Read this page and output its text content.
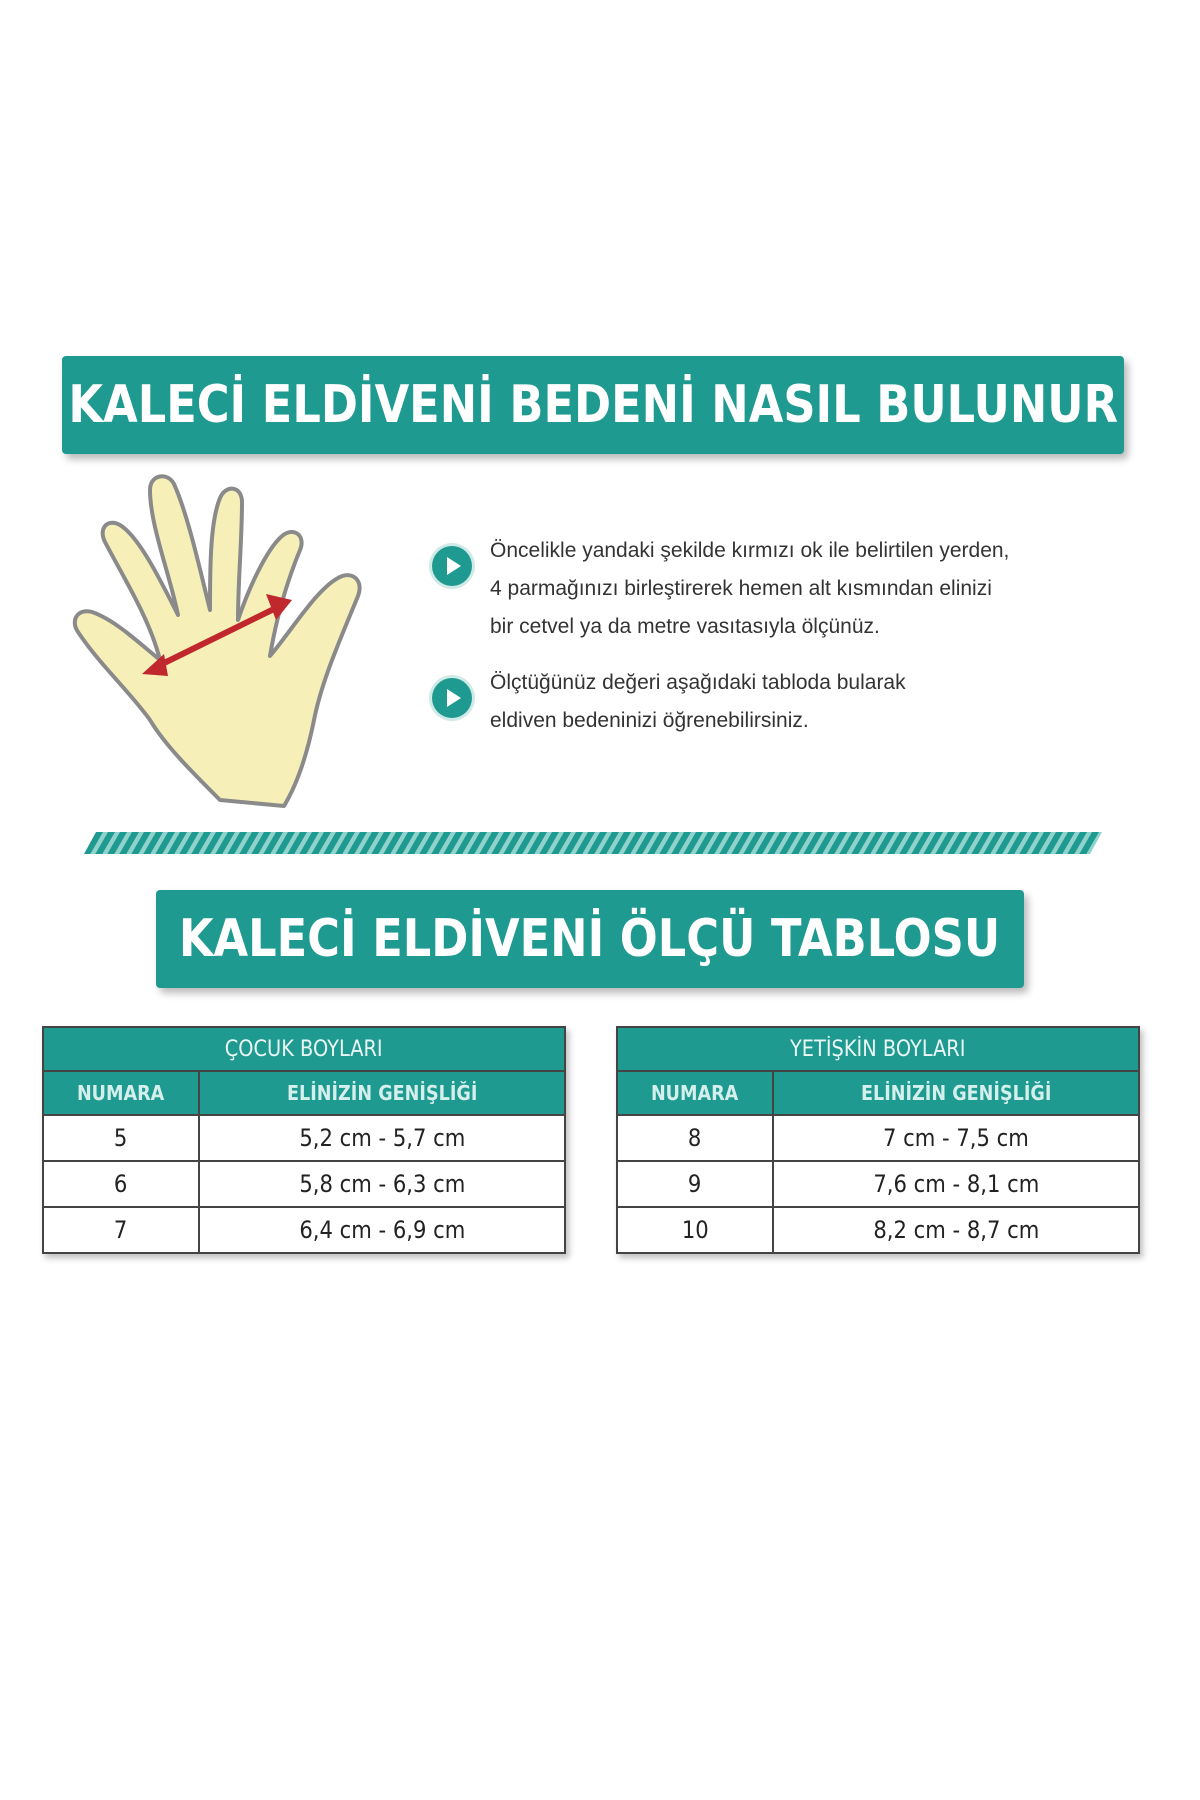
KALECİ ELDİVENİ BEDENİ NASIL BULUNUR
Öncelikle yandaki şekilde kırmızı ok ile belirtilen yerden,
4 parmağınızı birleştirerek hemen alt kısmından elinizi
bir cetvel ya da metre vasıtasıyla ölçünüz.
Ölçtüğünüz değeri aşağıdaki tabloda bularak
eldiven bedeninizi öğrenebilirsiniz.
KALECİ ELDİVENİ ÖLÇÜ TABLOSU
ÇOCUK BOYLARI	
NUMARA	ELİNİZİN GENİŞLİĞİ
5	5,2 cm - 5,7 cm
6	5,8 cm - 6,3 cm
7	6,4 cm - 6,9 cm
YETİŞKİN BOYLARI	
NUMARA	ELİNİZİN GENİŞLİĞİ
8	7 cm - 7,5 cm
9	7,6 cm - 8,1 cm
10	8,2 cm - 8,7 cm
